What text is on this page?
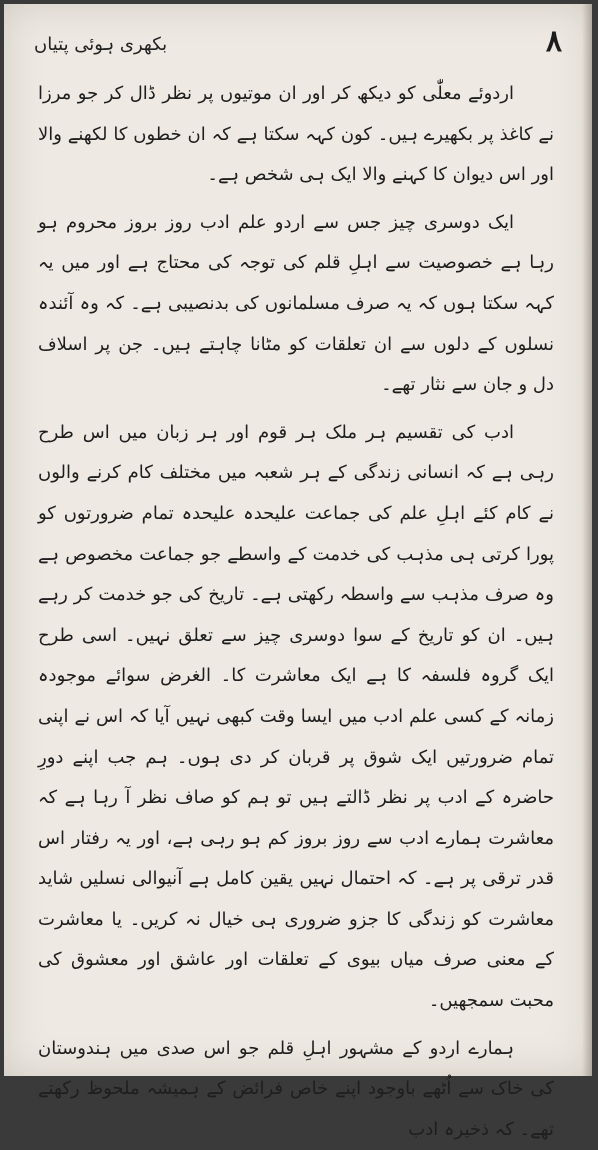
۸
بکھری ہوئی پتیاں

اردوئے معلّٰی کو دیکھ کر اور ان موتیوں پر نظر ڈال کر جو مرزا نے کاغذ پر بکھیرے ہیں۔ کون کہہ سکتا ہے کہ ان خطوں کا لکھنے والا اور اس دیوان کا کہنے والا ایک ہی شخص ہے۔

ایک دوسری چیز جس سے اردو علم ادب روز بروز محروم ہو رہا ہے خصوصیت سے اہلِ قلم کی توجہ کی محتاج ہے اور میں یہ کہہ سکتا ہوں کہ یہ صرف مسلمانوں کی بدنصیبی ہے۔ کہ وہ آئندہ نسلوں کے دلوں سے ان تعلقات کو مٹانا چاہتے ہیں۔ جن پر اسلاف دل و جان سے نثار تھے۔

ادب کی تقسیم ہر ملک ہر قوم اور ہر زبان میں اس طرح رہی ہے کہ انسانی زندگی کے ہر شعبہ میں مختلف کام کرنے والوں نے کام کئے اہلِ علم کی جماعت علیحدہ علیحدہ تمام ضرورتوں کو پورا کرتی ہی مذہب کی خدمت کے واسطے جو جماعت مخصوص ہے وہ صرف مذہب سے واسطہ رکھتی ہے۔ تاریخ کی جو خدمت کر رہے ہیں۔ ان کو تاریخ کے سوا دوسری چیز سے تعلق نہیں۔ اسی طرح ایک گروہ فلسفہ کا ہے ایک معاشرت کا۔ الغرض سوائے موجودہ زمانہ کے کسی علم ادب میں ایسا وقت کبھی نہیں آیا کہ اس نے اپنی تمام ضرورتیں ایک شوق پر قربان کر دی ہوں۔ ہم جب اپنے دورِ حاضرہ کے ادب پر نظر ڈالتے ہیں تو ہم کو صاف نظر آ رہا ہے کہ معاشرت ہمارے ادب سے روز بروز کم ہو رہی ہے، اور یہ رفتار اس قدر ترقی پر ہے۔ کہ احتمال نہیں یقین کامل ہے آنیوالی نسلیں شاید معاشرت کو زندگی کا جزو ضروری ہی خیال نہ کریں۔ یا معاشرت کے معنی صرف میاں بیوی کے تعلقات اور عاشق اور معشوق کی محبت سمجھیں۔

ہمارے اردو کے مشہور اہلِ قلم جو اس صدی میں ہندوستان کی خاک سے اُٹھے باوجود اپنے خاص فرائض کے ہمیشہ ملحوظ رکھتے تھے۔ کہ ذخیرہ ادب
